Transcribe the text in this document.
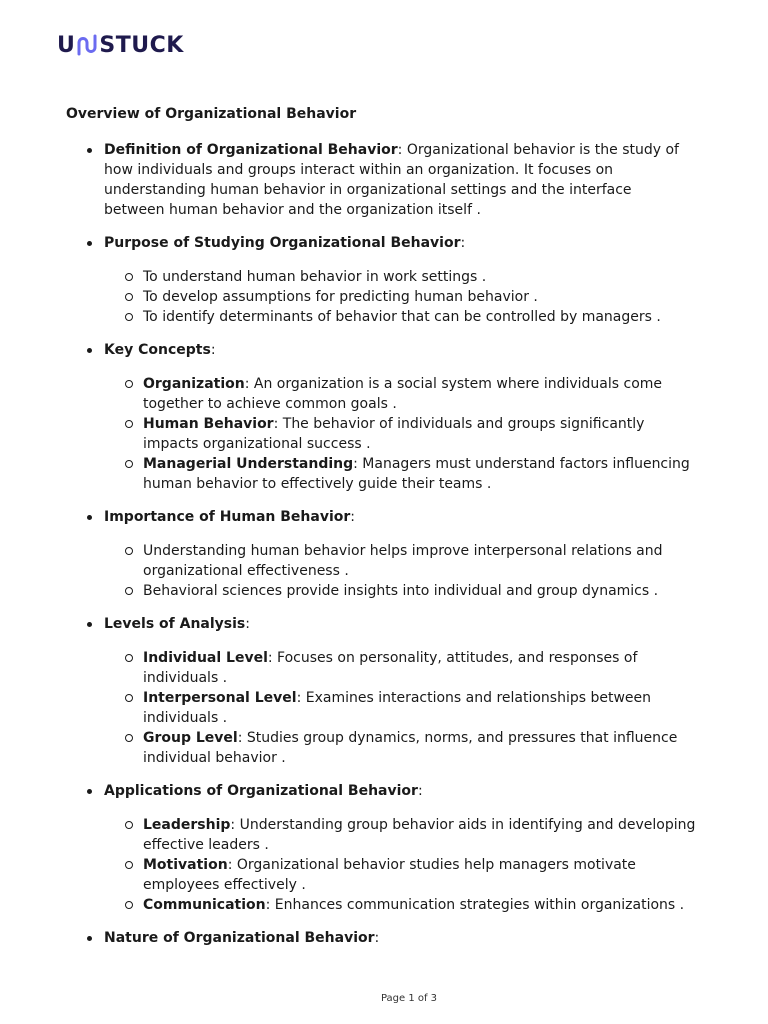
U STUCK
Overview of Organizational Behavior

Definition of Organizational Behavior: Organizational behavior is the study of how individuals and groups interact within an organization. It focuses on understanding human behavior in organizational settings and the interface between human behavior and the organization itself .

Purpose of Studying Organizational Behavior:

To understand human behavior in work settings .

To develop assumptions for predicting human behavior .

To identify determinants of behavior that can be controlled by managers .

Key Concepts:

Organization: An organization is a social system where individuals come together to achieve common goals .

Human Behavior: The behavior of individuals and groups significantly impacts organizational success .

Managerial Understanding: Managers must understand factors influencing human behavior to effectively guide their teams .

Importance of Human Behavior:

Understanding human behavior helps improve interpersonal relations and organizational effectiveness .

Behavioral sciences provide insights into individual and group dynamics .

Levels of Analysis:

Individual Level: Focuses on personality, attitudes, and responses of individuals .

Interpersonal Level: Examines interactions and relationships between individuals .

Group Level: Studies group dynamics, norms, and pressures that influence individual behavior .

Applications of Organizational Behavior:

Leadership: Understanding group behavior aids in identifying and developing effective leaders .

Motivation: Organizational behavior studies help managers motivate employees effectively .

Communication: Enhances communication strategies within organizations .

Nature of Organizational Behavior:

Page 1 of 3
